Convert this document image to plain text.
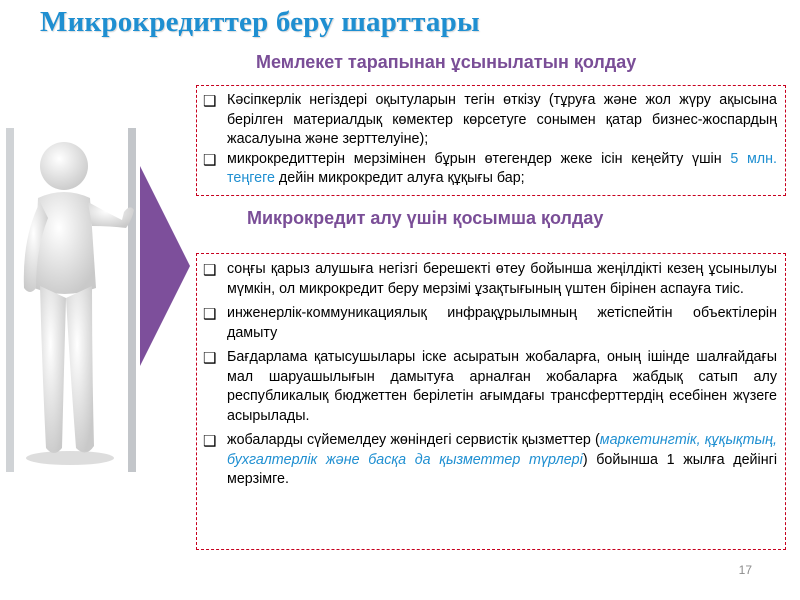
Микрокредиттер беру шарттары
Мемлекет тарапынан ұсынылатын қолдау
❑ Кәсіпкерлік негіздері оқытуларын тегін өткізу (тұруға және жол жүру ақысына берілген материалдық көмектер көрсетуге сонымен қатар бизнес-жоспардың жасалуына және зерттелуіне);
❑ микрокредиттерін мерзімінен бұрын өтегендер жеке ісін кеңейту үшін 5 млн. теңгеге дейін микрокредит алуға құқығы бар;
Микрокредит алу үшін қосымша қолдау
❑ соңғы қарыз алушыға негізгі берешекті өтеу бойынша жеңілдікті кезең ұсынылуы мүмкін, ол микрокредит беру мерзімі ұзақтығының үштен бірінен аспауға тиіс.
❑ инженерлік-коммуникациялық инфрақұрылымның жетіспейтін объектілерін дамыту
❑ Бағдарлама қатысушылары іске асыратын жобаларға, оның ішінде шалғайдағы мал шаруашылығын дамытуға арналған жобаларға жабдық сатып алу республикалық бюджеттен берілетін ағымдағы трансферттердің есебінен жүзеге асырылады.
❑ жобаларды сүйемелдеу жөніндегі сервистік қызметтер (маркетингтік, құқықтың, бухгалтерлік және басқа да қызметтер түрлері) бойынша 1 жылға дейінгі мерзімге.
17
